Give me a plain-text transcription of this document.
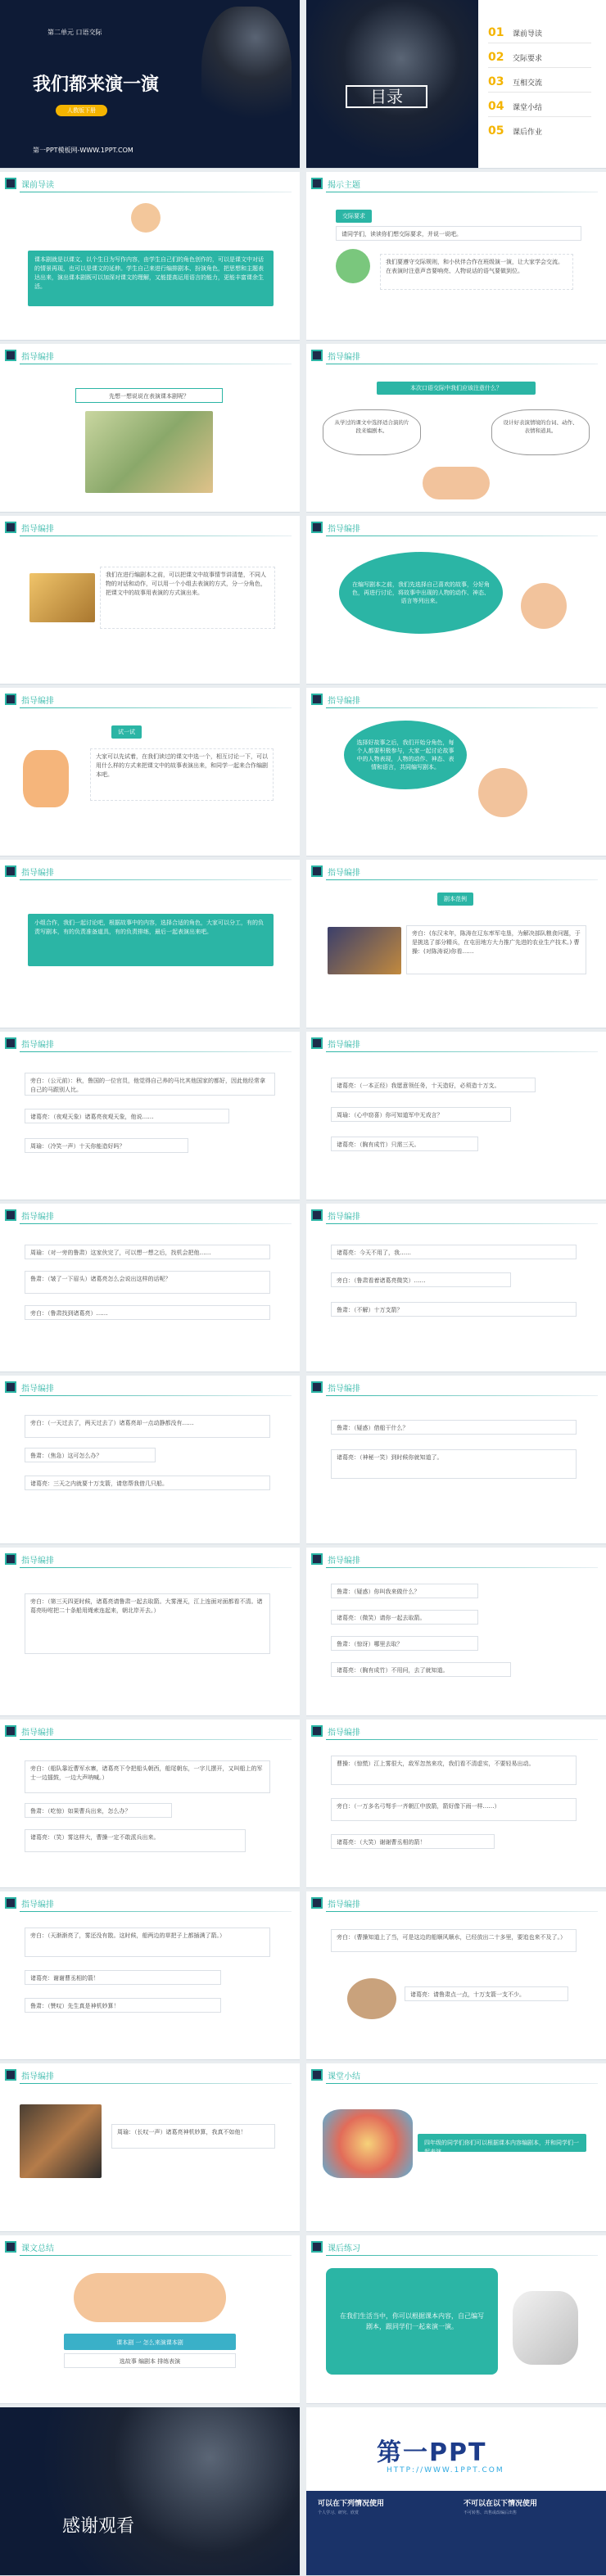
第二单元 口语交际
我们都来演一演
人教版下册
第一PPT模板网-WWW.1PPT.COM
目录
01	课前导读
02	交际要求
03	互相交流
04	课堂小结
05	课后作业
课前导读
课本剧就是以课文、以个生日为写作内容，由学生自己们的角色创作的，可以是课文中对话的情景再现，也可以是课文的延伸。学生自己来进行编排剧本、扮演角色，把思想和主题表达出来，演出课本剧既可以加深对课文的理解，又能提高运用语言的能力，更能丰富课余生活。
揭示主题
交际要求
请同学们，读读你们想交际要求，并说一说吧。
我们要遵守交际规则，和小伙伴合作在班级演一演，让大家学会交流。在表演时注意声音要响亮、人物说话的语气要做到位。
指导编排
先想一想说说在表演课本剧呢？
指导编排
本次口语交际中我们应该注意什么？
从学过的课文中选择适合演的片段来编剧本。
设计好表演情境的台词、动作、表情和道具。
指导编排
我们在进行编剧本之前，可以把课文中故事情节讲清楚，不同人物的对话和动作，可以用一个小组去表演的方式，分一分角色，把课文中的故事用表演的方式演出来。
指导编排
在编写剧本之前，我们先选择自己喜欢的故事，分好角色，再进行讨论，将故事中出现的人物的动作、神态、语言等列出来。
指导编排
试一试
大家可以先试着，在我们读过的课文中选一个，相互讨论一下，可以用什么样的方式来把课文中的故事表演出来，和同学一起来合作编剧本吧。
指导编排
选择好故事之后，我们开始分角色，每个人都要积极参与，大家一起讨论故事中的人物表现，人物的动作、神态、表情和语言，共同编写剧本。
指导编排
小组合作，我们一起讨论吧，根据故事中的内容，选择合适的角色，大家可以分工，有的负责写剧本，有的负责准备道具，有的负责排练，最后一起表演出来吧。
指导编排
剧本范例
旁白：(东汉末年，陈涛在辽东率军屯垦，为解决部队粮食问题，于是挑选了部分精兵，在屯田地方大力推广先进的农业生产技术。) 曹操：(对陈涛说)你看……
指导编排
旁白：（公元前）：秋，鲁国的一位官员，他觉得自己养的马比其他国家的都好，因此他经常拿自己的马跟别人比。
诸葛亮：（夜观天象）诸葛亮夜观天象，他说……
周瑜：（冷笑一声）十天你能造好吗？
指导编排
诸葛亮：（一本正经）我愿意领任务，十天造好，必须造十万支。
周瑜：（心中窃喜）你可知道军中无戏言？
诸葛亮：（胸有成竹）只需三天。
指导编排
周瑜：（对一旁的鲁肃）这家伙完了，可以想一想之后，找机会把他……
鲁肃：（皱了一下眉头）诸葛亮怎么会说出这样的话呢？
旁白：（鲁肃找到诸葛亮）……
指导编排
诸葛亮：今天不用了，我……
旁白：（鲁肃看着诸葛亮微笑）……
鲁肃：（不解）十万支箭？
指导编排
旁白：（一天过去了，两天过去了）诸葛亮却一点动静都没有……
鲁肃：（焦急）这可怎么办？
诸葛亮：三天之内就要十万支箭，请您帮我借几只船。
指导编排
鲁肃：（疑惑）借船干什么？
诸葛亮：（神秘一笑）到时候你就知道了。
指导编排
旁白：（第三天四更时候，诸葛亮请鲁肃一起去取箭。大雾漫天，江上连面对面都看不清。诸葛亮吩咐把二十条船用绳索连起来，朝北岸开去。）
指导编排
鲁肃：（疑惑）你叫我来做什么？
诸葛亮：（微笑）请你一起去取箭。
鲁肃：（惊讶）哪里去取？
诸葛亮：（胸有成竹）不用问，去了就知道。
指导编排
旁白：（船队靠近曹军水寨，诸葛亮下令把船头朝西，船尾朝东，一字儿摆开，又叫船上的军士一边擂鼓，一边大声呐喊。）
鲁肃：（吃惊）如果曹兵出来，怎么办？
诸葛亮：（笑）雾这样大，曹操一定不敢派兵出来。
指导编排
曹操：（惊慌）江上雾很大，敌军忽然来攻，我们看不清虚实，不要轻易出动。
旁白：（一万多名弓弩手一齐朝江中放箭，箭好像下雨一样……）
诸葛亮：（大笑）谢谢曹丞相的箭！
指导编排
旁白：（天渐渐亮了，雾还没有散。这时候，船两边的草把子上都插满了箭。）
诸葛亮：谢谢曹丞相的箭！
鲁肃：（赞叹）先生真是神机妙算！
指导编排
旁白：（曹操知道上了当，可是这边的船顺风顺水，已经放出二十多里，要追也来不及了。）
诸葛亮：请鲁肃点一点，十万支箭一支不少。
指导编排
周瑜：（长叹一声）诸葛亮神机妙算，我真不如他！
课堂小结
四年级的同学们你们可以根据课本内容编剧本，并和同学们一起表演。
课文总结
课本剧 一 怎么来演课本剧
选故事 编剧本 排练表演
课后练习
在我们生活当中，你可以根据课本内容，自己编写剧本，跟同学们一起来演一演。
感谢观看
第一PPT
HTTP://WWW.1PPT.COM
可以在下列情况使用
个人学习、研究、欣赏
不可以在以下情况使用
不可转售、出售或改编后出售
